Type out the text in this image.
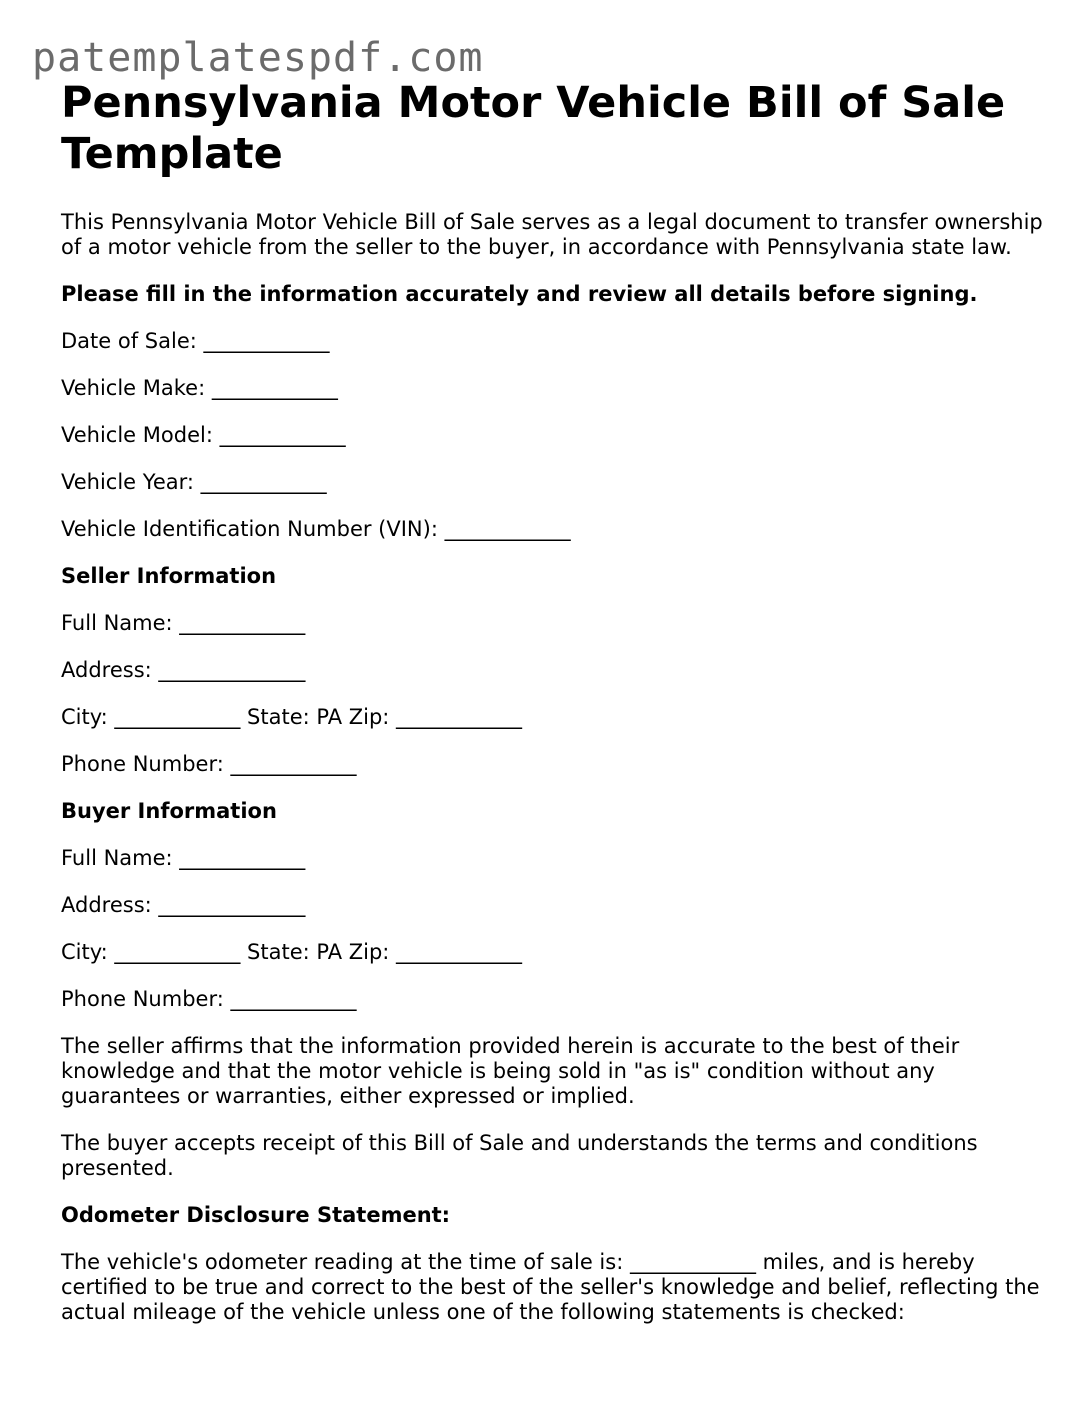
patemplatespdf.com
Pennsylvania Motor Vehicle Bill of Sale Template

This Pennsylvania Motor Vehicle Bill of Sale serves as a legal document to transfer ownership of a motor vehicle from the seller to the buyer, in accordance with Pennsylvania state law.

Please fill in the information accurately and review all details before signing.

Date of Sale: ____________

Vehicle Make: ____________

Vehicle Model: ____________

Vehicle Year: ____________

Vehicle Identification Number (VIN): ____________

Seller Information

Full Name: ____________

Address: ______________

City: ____________ State: PA Zip: ____________

Phone Number: ____________

Buyer Information

Full Name: ____________

Address: ______________

City: ____________ State: PA Zip: ____________

Phone Number: ____________

The seller affirms that the information provided herein is accurate to the best of their knowledge and that the motor vehicle is being sold in "as is" condition without any guarantees or warranties, either expressed or implied.

The buyer accepts receipt of this Bill of Sale and understands the terms and conditions presented.

Odometer Disclosure Statement:

The vehicle's odometer reading at the time of sale is: ____________ miles, and is hereby certified to be true and correct to the best of the seller's knowledge and belief, reflecting the actual mileage of the vehicle unless one of the following statements is checked:
